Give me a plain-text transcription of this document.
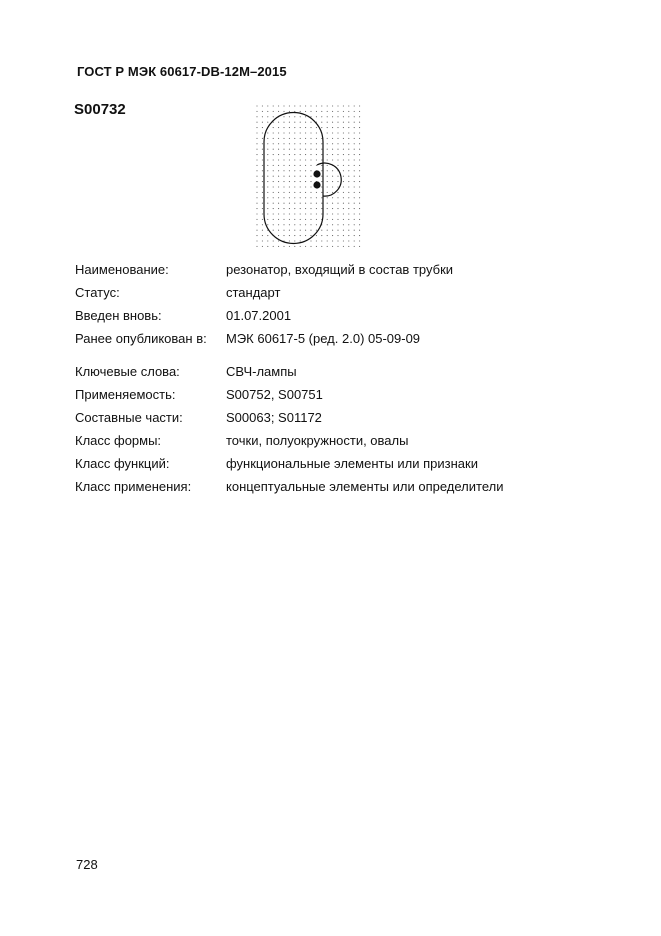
ГОСТ Р МЭК 60617-DB-12M–2015
S00732
Наименование:	резонатор, входящий в состав трубки
Статус:	стандарт
Введен вновь:	01.07.2001
Ранее опубликован в:	МЭК 60617-5 (ред. 2.0) 05-09-09
Ключевые слова:	СВЧ-лампы
Применяемость:	S00752, S00751
Составные части:	S00063; S01172
Класс формы:	точки, полуокружности, овалы
Класс функций:	функциональные элементы или признаки
Класс применения:	концептуальные элементы или определители
728
